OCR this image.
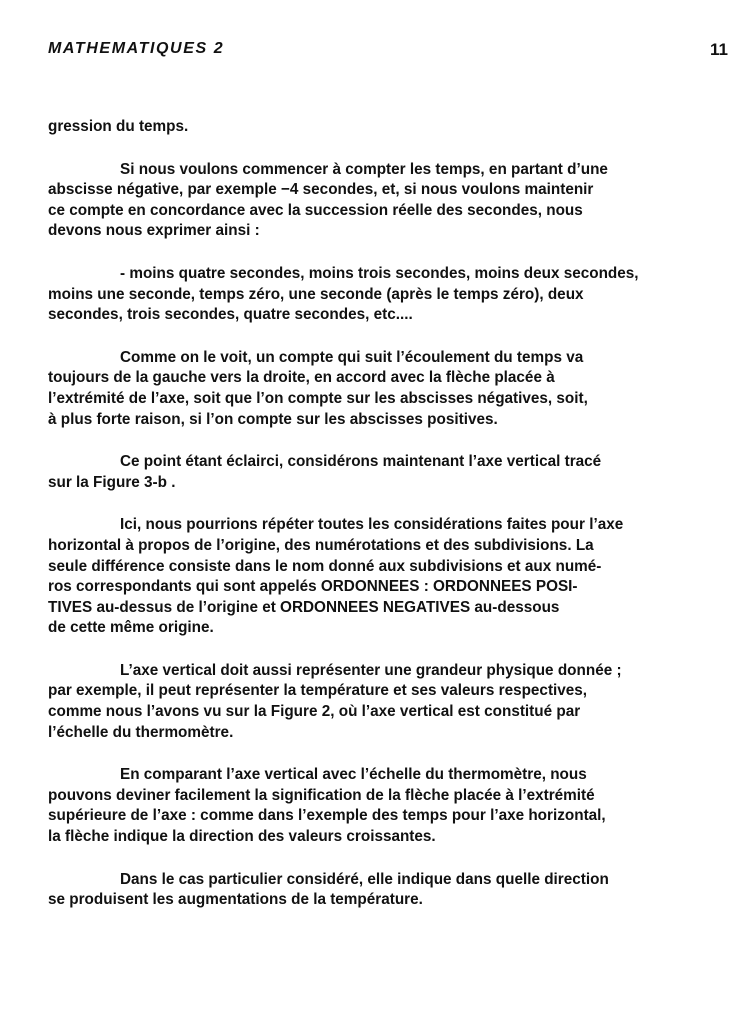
MATHEMATIQUES 2	11

gression du temps.

Si nous voulons commencer à compter les temps, en partant d’une
abscisse négative, par exemple −4 secondes, et, si nous voulons maintenir
ce compte en concordance avec la succession réelle des secondes, nous
devons nous exprimer ainsi :

- moins quatre secondes, moins trois secondes, moins deux secondes,
moins une seconde, temps zéro, une seconde (après le temps zéro), deux
secondes, trois secondes, quatre secondes, etc....

Comme on le voit, un compte qui suit l’écoulement du temps va
toujours de la gauche vers la droite, en accord avec la flèche placée à
l’extrémité de l’axe, soit que l’on compte sur les abscisses négatives, soit,
à plus forte raison, si l’on compte sur les abscisses positives.

Ce point étant éclairci, considérons maintenant l’axe vertical tracé
sur la Figure 3-b .

Ici, nous pourrions répéter toutes les considérations faites pour l’axe
horizontal à propos de l’origine, des numérotations et des subdivisions. La
seule différence consiste dans le nom donné aux subdivisions et aux numé-
ros correspondants qui sont appelés ORDONNEES : ORDONNEES POSI-
TIVES au-dessus de l’origine et ORDONNEES NEGATIVES au-dessous
de cette même origine.

L’axe vertical doit aussi représenter une grandeur physique donnée ;
par exemple, il peut représenter la température et ses valeurs respectives,
comme nous l’avons vu sur la Figure 2, où l’axe vertical est constitué par
l’échelle du thermomètre.

En comparant l’axe vertical avec l’échelle du thermomètre, nous
pouvons deviner facilement la signification de la flèche placée à l’extrémité
supérieure de l’axe : comme dans l’exemple des temps pour l’axe horizontal,
la flèche indique la direction des valeurs croissantes.

Dans le cas particulier considéré, elle indique dans quelle direction
se produisent les augmentations de la température.
